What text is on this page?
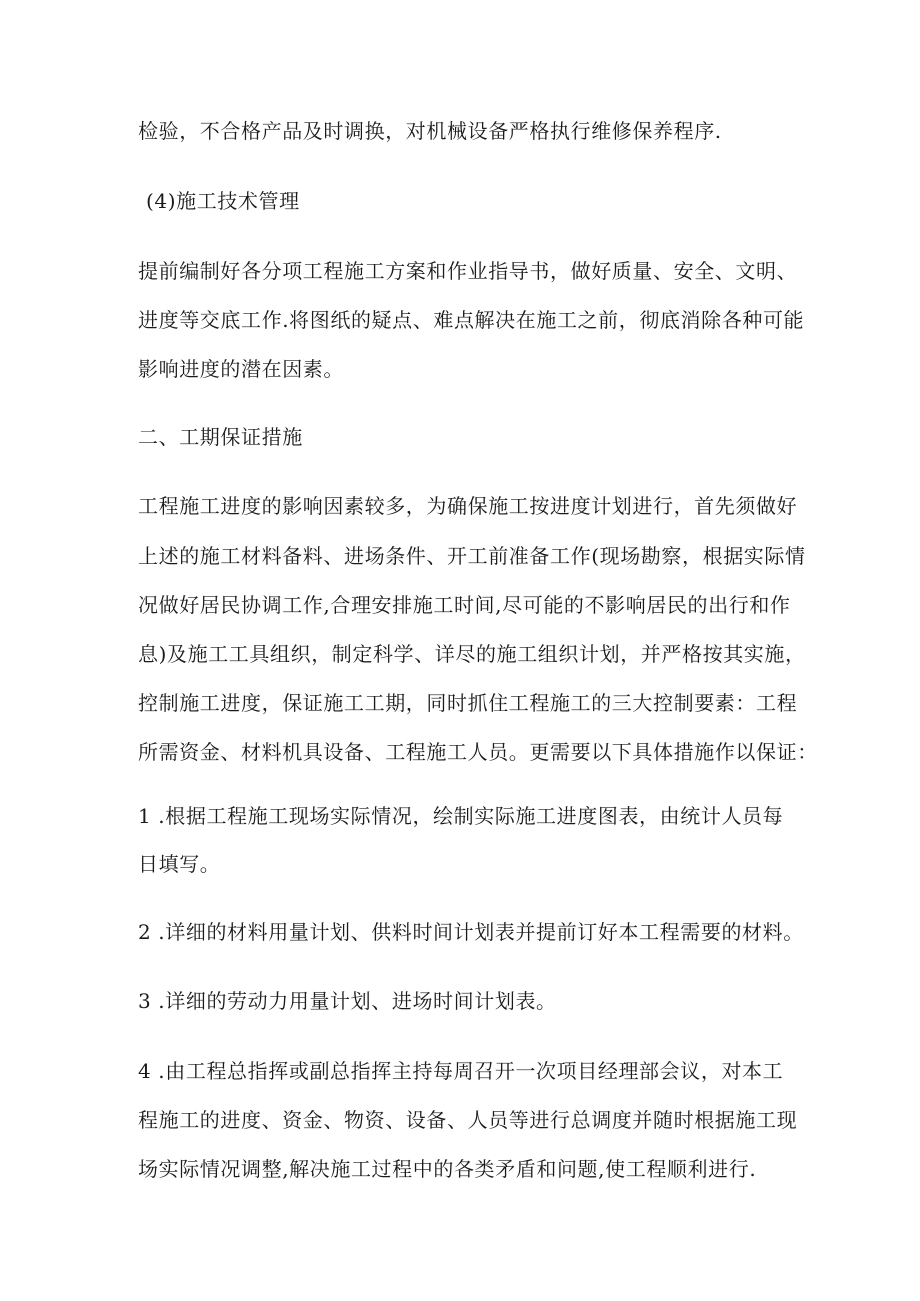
检验，不合格产品及时调换，对机械设备严格执行维修保养程序.
(4)施工技术管理
提前编制好各分项工程施工方案和作业指导书，做好质量、安全、文明、
进度等交底工作.将图纸的疑点、难点解决在施工之前，彻底消除各种可能
影响进度的潜在因素。
二、工期保证措施
工程施工进度的影响因素较多，为确保施工按进度计划进行，首先须做好
上述的施工材料备料、进场条件、开工前准备工作(现场勘察，根据实际情
况做好居民协调工作,合理安排施工时间,尽可能的不影响居民的出行和作
息)及施工工具组织，制定科学、详尽的施工组织计划，并严格按其实施，
控制施工进度，保证施工工期，同时抓住工程施工的三大控制要素：工程
所需资金、材料机具设备、工程施工人员。更需要以下具体措施作以保证：
1 .根据工程施工现场实际情况，绘制实际施工进度图表，由统计人员每
日填写。
2 .详细的材料用量计划、供料时间计划表并提前订好本工程需要的材料。
3 .详细的劳动力用量计划、进场时间计划表。
4 .由工程总指挥或副总指挥主持每周召开一次项目经理部会议，对本工
程施工的进度、资金、物资、设备、人员等进行总调度并随时根据施工现
场实际情况调整,解决施工过程中的各类矛盾和问题,使工程顺利进行.
